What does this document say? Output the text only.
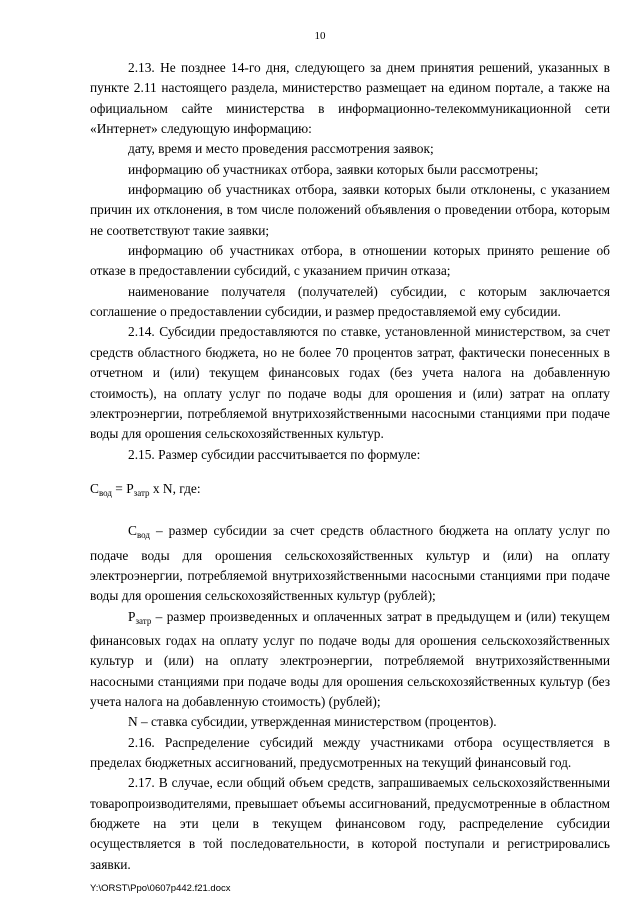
10

2.13. Не позднее 14-го дня, следующего за днем принятия решений, указанных в пункте 2.11 настоящего раздела, министерство размещает на едином портале, а также на официальном сайте министерства в информационно-телекоммуникационной сети «Интернет» следующую информацию:

дату, время и место проведения рассмотрения заявок;

информацию об участниках отбора, заявки которых были рассмотрены;

информацию об участниках отбора, заявки которых были отклонены, с указанием причин их отклонения, в том числе положений объявления о проведении отбора, которым не соответствуют такие заявки;

информацию об участниках отбора, в отношении которых принято решение об отказе в предоставлении субсидий, с указанием причин отказа;

наименование получателя (получателей) субсидии, с которым заключается соглашение о предоставлении субсидии, и размер предоставляемой ему субсидии.

2.14. Субсидии предоставляются по ставке, установленной министерством, за счет средств областного бюджета, но не более 70 процентов затрат, фактически понесенных в отчетном и (или) текущем финансовых годах (без учета налога на добавленную стоимость), на оплату услуг по подаче воды для орошения и (или) затрат на оплату электроэнергии, потребляемой внутрихозяйственными насосными станциями при подаче воды для орошения сельскохозяйственных культур.

2.15. Размер субсидии рассчитывается по формуле:

$С_{вод} = Р_{затр}$ х N, где:

$С_{вод}$ – размер субсидии за счет средств областного бюджета на оплату услуг по подаче воды для орошения сельскохозяйственных культур и (или) на оплату электроэнергии, потребляемой внутрихозяйственными насосными станциями при подаче воды для орошения сельскохозяйственных культур (рублей);

$Р_{затр}$ – размер произведенных и оплаченных затрат в предыдущем и (или) текущем финансовых годах на оплату услуг по подаче воды для орошения сельскохозяйственных культур и (или) на оплату электроэнергии, потребляемой внутрихозяйственными насосными станциями при подаче воды для орошения сельскохозяйственных культур (без учета налога на добавленную стоимость) (рублей);

N – ставка субсидии, утвержденная министерством (процентов).

2.16. Распределение субсидий между участниками отбора осуществляется в пределах бюджетных ассигнований, предусмотренных на текущий финансовый год.

2.17. В случае, если общий объем средств, запрашиваемых сельскохозяйственными товаропроизводителями, превышает объемы ассигнований, предусмотренные в областном бюджете на эти цели в текущем финансовом году, распределение субсидии осуществляется в той последовательности, в которой поступали и регистрировались заявки.

Y:\ORST\Ppo\0607p442.f21.docx
